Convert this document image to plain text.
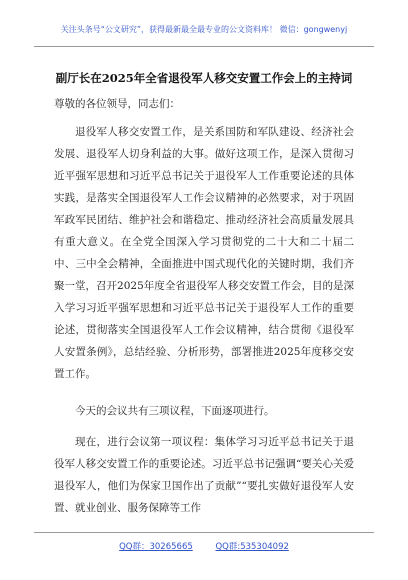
关注头条号“公文研究”，获得最新最全最专业的公文资料库！ 微信：gongwenyj
副厅长在2025年全省退役军人移交安置工作会上的主持词
尊敬的各位领导，同志们：
退役军人移交安置工作，是关系国防和军队建设、经济社会发展、退役军人切身利益的大事。做好这项工作，是深入贯彻习近平强军思想和习近平总书记关于退役军人工作重要论述的具体实践，是落实全国退役军人工作会议精神的必然要求，对于巩固军政军民团结、维护社会和谐稳定、推动经济社会高质量发展具有重大意义。在全党全国深入学习贯彻党的二十大和二十届二中、三中全会精神，全面推进中国式现代化的关键时期，我们齐聚一堂，召开2025年度全省退役军人移交安置工作会，目的是深入学习习近平强军思想和习近平总书记关于退役军人工作的重要论述，贯彻落实全国退役军人工作会议精神，结合贯彻《退役军人安置条例》，总结经验、分析形势，部署推进2025年度移交安置工作。
今天的会议共有三项议程，下面逐项进行。
现在，进行会议第一项议程：集体学习习近平总书记关于退役军人移交安置工作的重要论述。习近平总书记强调“要关心关爱退役军人，他们为保家卫国作出了贡献”“要扎实做好退役军人安置、就业创业、服务保障等工作
QQ群：30265665	QQ群:535304092
